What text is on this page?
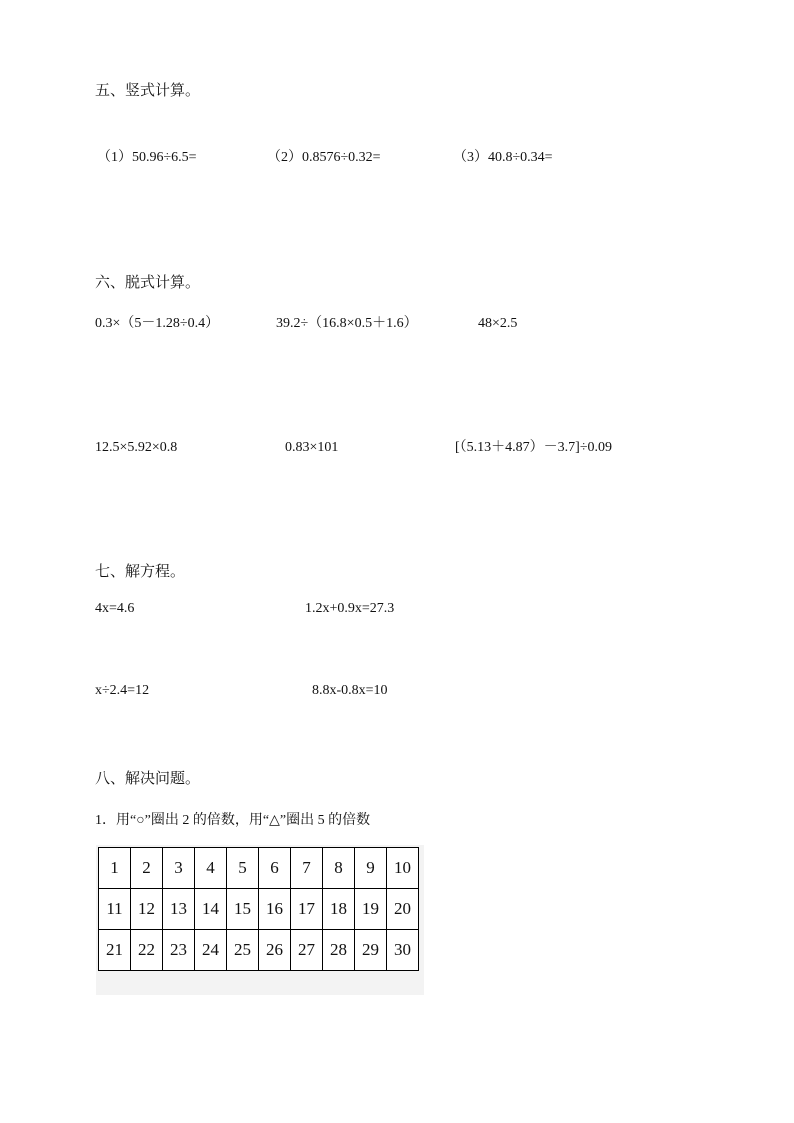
五、竖式计算。
（1）50.96÷6.5=	（2）0.8576÷0.32=	（3）40.8÷0.34=
六、脱式计算。
0.3×（5－1.28÷0.4）	39.2÷（16.8×0.5＋1.6）	48×2.5
12.5×5.92×0.8	0.83×101	[（5.13＋4.87）－3.7]÷0.09
七、解方程。
4x=4.6	1.2x+0.9x=27.3
x÷2.4=12	8.8x-0.8x=10
八、解决问题。
1．用“○”圈出 2 的倍数，用“△”圈出 5 的倍数
1	2	3	4	5	6	7	8	9	10
11	12	13	14	15	16	17	18	19	20
21	22	23	24	25	26	27	28	29	30
